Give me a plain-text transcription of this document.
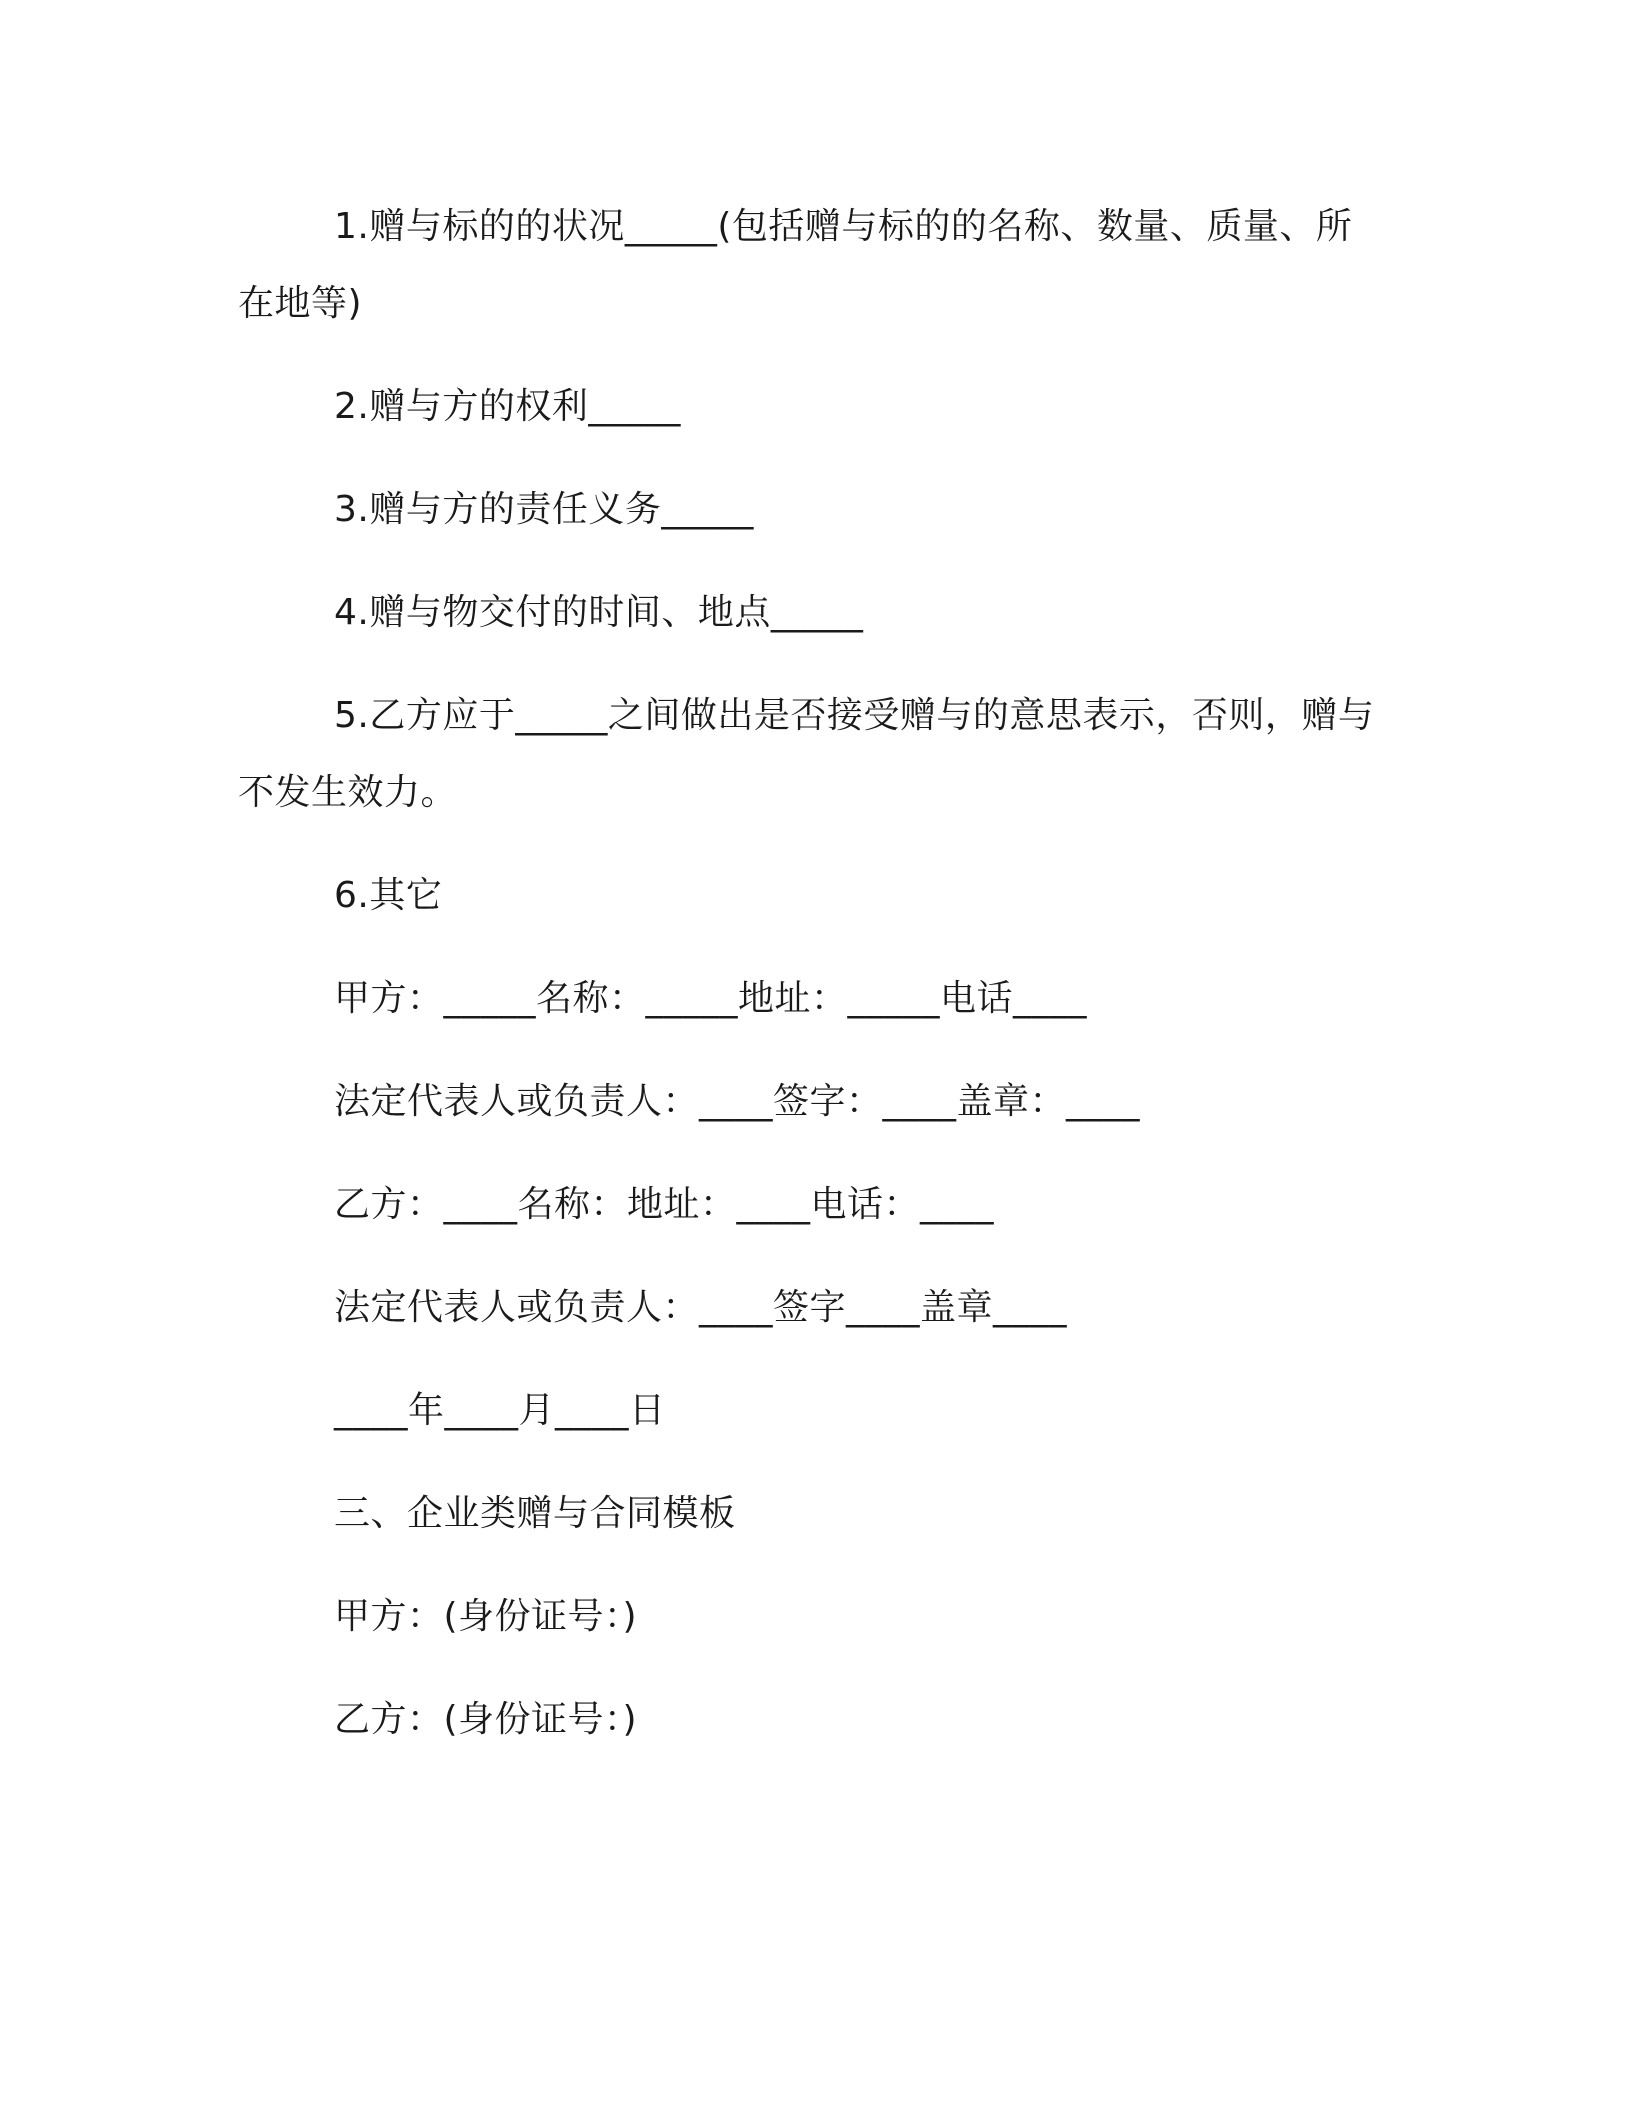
1.赠与标的的状况_____(包括赠与标的的名称、数量、质量、所在地等)

2.赠与方的权利_____

3.赠与方的责任义务_____

4.赠与物交付的时间、地点_____

5.乙方应于_____之间做出是否接受赠与的意思表示，否则，赠与不发生效力。

6.其它

甲方：_____名称：_____地址：_____电话____

法定代表人或负责人：____签字：____盖章：____

乙方：____名称：地址：____电话：____

法定代表人或负责人：____签字____盖章____

____年____月____日

三、企业类赠与合同模板

甲方：(身份证号：)

乙方：(身份证号：)
